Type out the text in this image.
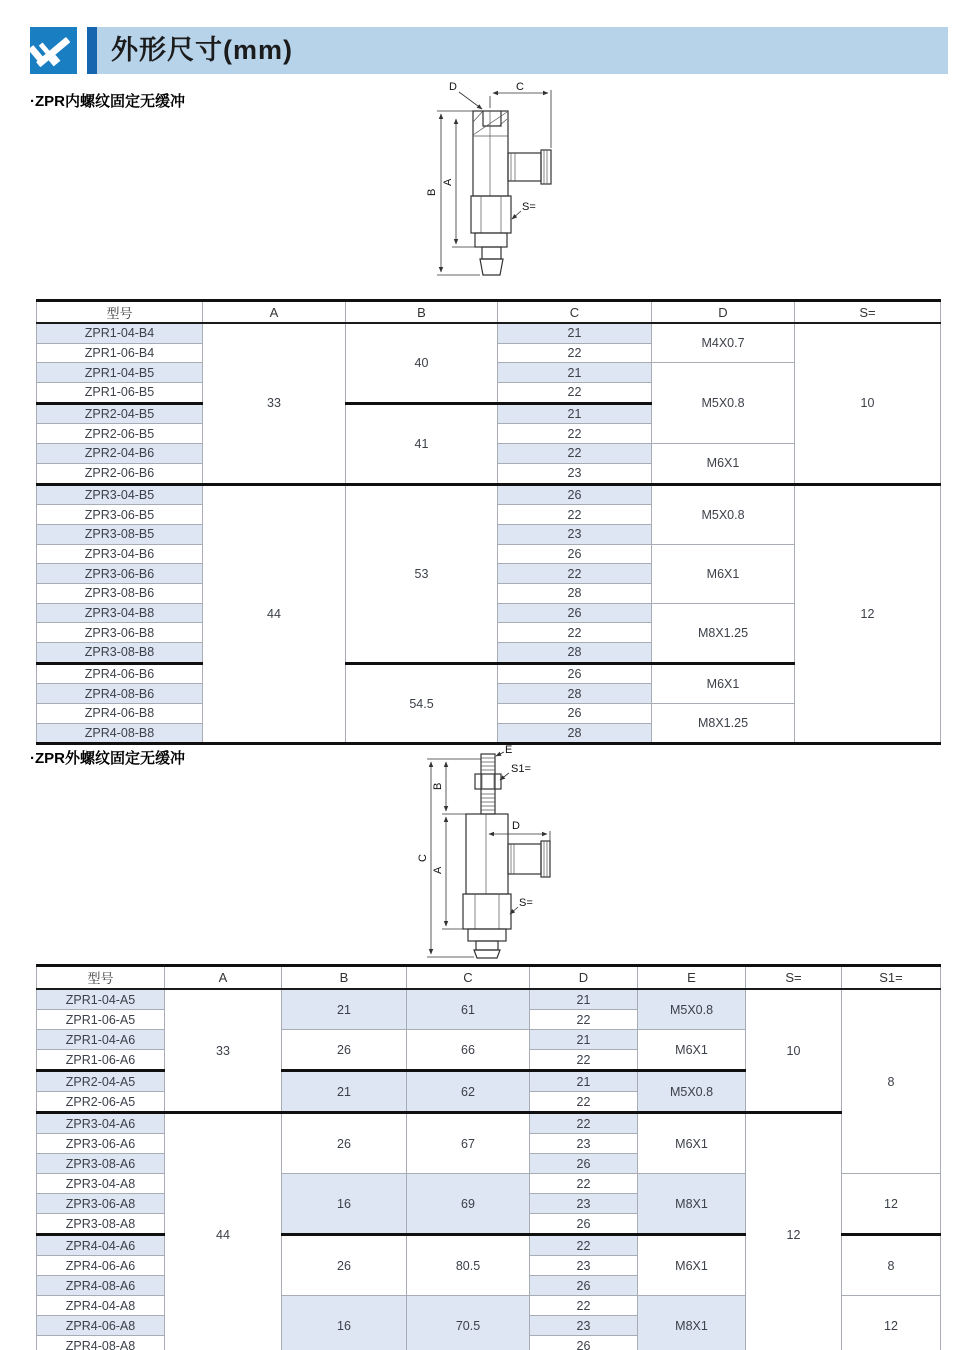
外形尺寸(mm)
·ZPR内螺纹固定无缓冲
D	C
B
A
S=
型号	A	B	C	D	S=
ZPR1-04-B4	33	40	21	M4X0.7	10
ZPR1-06-B4			22		
ZPR1-04-B5			21	M5X0.8	
ZPR1-06-B5			22		
ZPR2-04-B5		41	21		
ZPR2-06-B5			22		
ZPR2-04-B6			22	M6X1	
ZPR2-06-B6			23		
ZPR3-04-B5	44	53	26	M5X0.8	12
ZPR3-06-B5			22		
ZPR3-08-B5			23		
ZPR3-04-B6			26	M6X1	
ZPR3-06-B6			22		
ZPR3-08-B6			28		
ZPR3-04-B8			26	M8X1.25	
ZPR3-06-B8			22		
ZPR3-08-B8			28		
ZPR4-06-B6		54.5	26	M6X1	
ZPR4-08-B6			28		
ZPR4-06-B8			26	M8X1.25	
ZPR4-08-B8			28		
·ZPR外螺纹固定无缓冲	E
S1=
B
C
A
D
S=
型号	A	B	C	D	E	S=	S1=
ZPR1-04-A5	33	21	61	21	M5X0.8	10	8
ZPR1-06-A5				22			
ZPR1-04-A6		26	66	21	M6X1		
ZPR1-06-A6				22			
ZPR2-04-A5		21	62	21	M5X0.8		
ZPR2-06-A5				22			
ZPR3-04-A6	44	26	67	22	M6X1	12	
ZPR3-06-A6				23			
ZPR3-08-A6				26			
ZPR3-04-A8		16	69	22	M8X1		12
ZPR3-06-A8				23			
ZPR3-08-A8				26			
ZPR4-04-A6		26	80.5	22	M6X1		8
ZPR4-06-A6				23			
ZPR4-08-A6				26			
ZPR4-04-A8		16	70.5	22	M8X1		12
ZPR4-06-A8				23			
ZPR4-08-A8				26			
